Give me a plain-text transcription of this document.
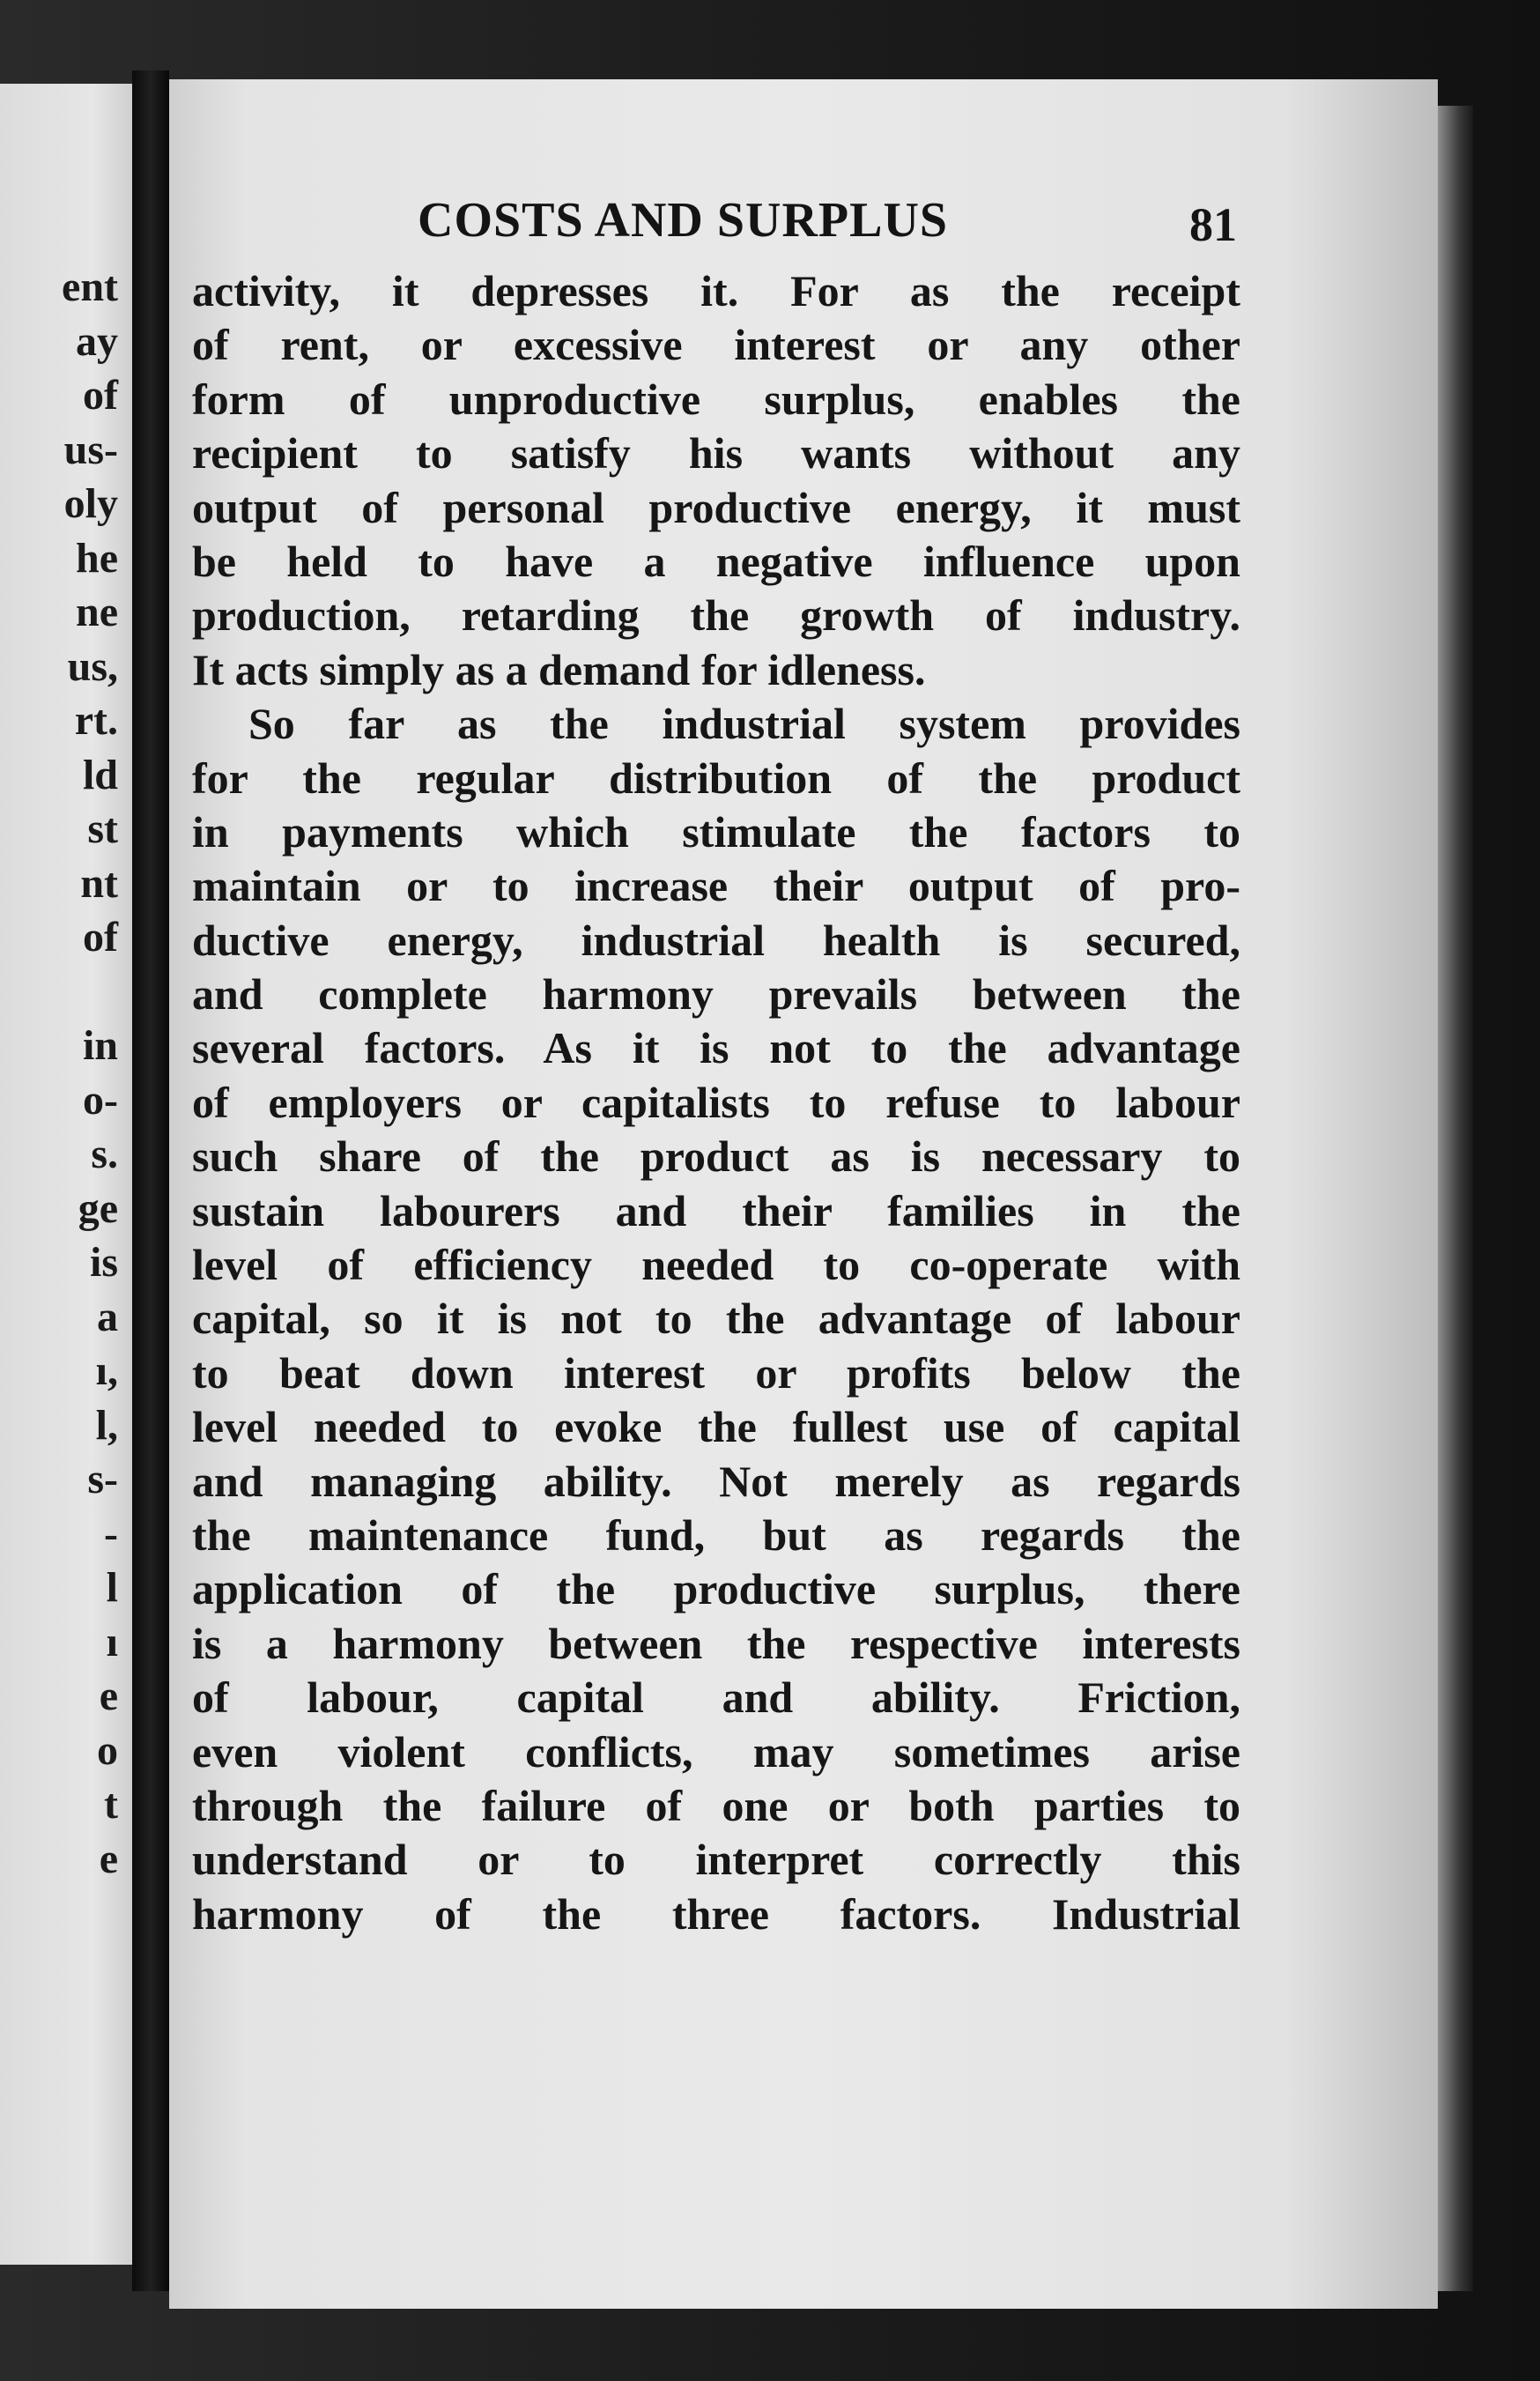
ent
ay
of
us-
oly
he
ne
us,
rt.
ld
st
nt
of

in
o-
s.
ge
is
a
ı,
l,
s-
-
l
ı
e
o
t
e
COSTS AND SURPLUS	81
activity, it depresses it. For as the receipt
of rent, or excessive interest or any other
form of unproductive surplus, enables the
recipient to satisfy his wants without any
output of personal productive energy, it must
be held to have a negative influence upon
production, retarding the growth of industry.
It acts simply as a demand for idleness.
So far as the industrial system provides
for the regular distribution of the product
in payments which stimulate the factors to
maintain or to increase their output of pro-
ductive energy, industrial health is secured,
and complete harmony prevails between the
several factors. As it is not to the advantage
of employers or capitalists to refuse to labour
such share of the product as is necessary to
sustain labourers and their families in the
level of efficiency needed to co-operate with
capital, so it is not to the advantage of labour
to beat down interest or profits below the
level needed to evoke the fullest use of capital
and managing ability. Not merely as regards
the maintenance fund, but as regards the
application of the productive surplus, there
is a harmony between the respective interests
of labour, capital and ability. Friction,
even violent conflicts, may sometimes arise
through the failure of one or both parties to
understand or to interpret correctly this
harmony of the three factors. Industrial
